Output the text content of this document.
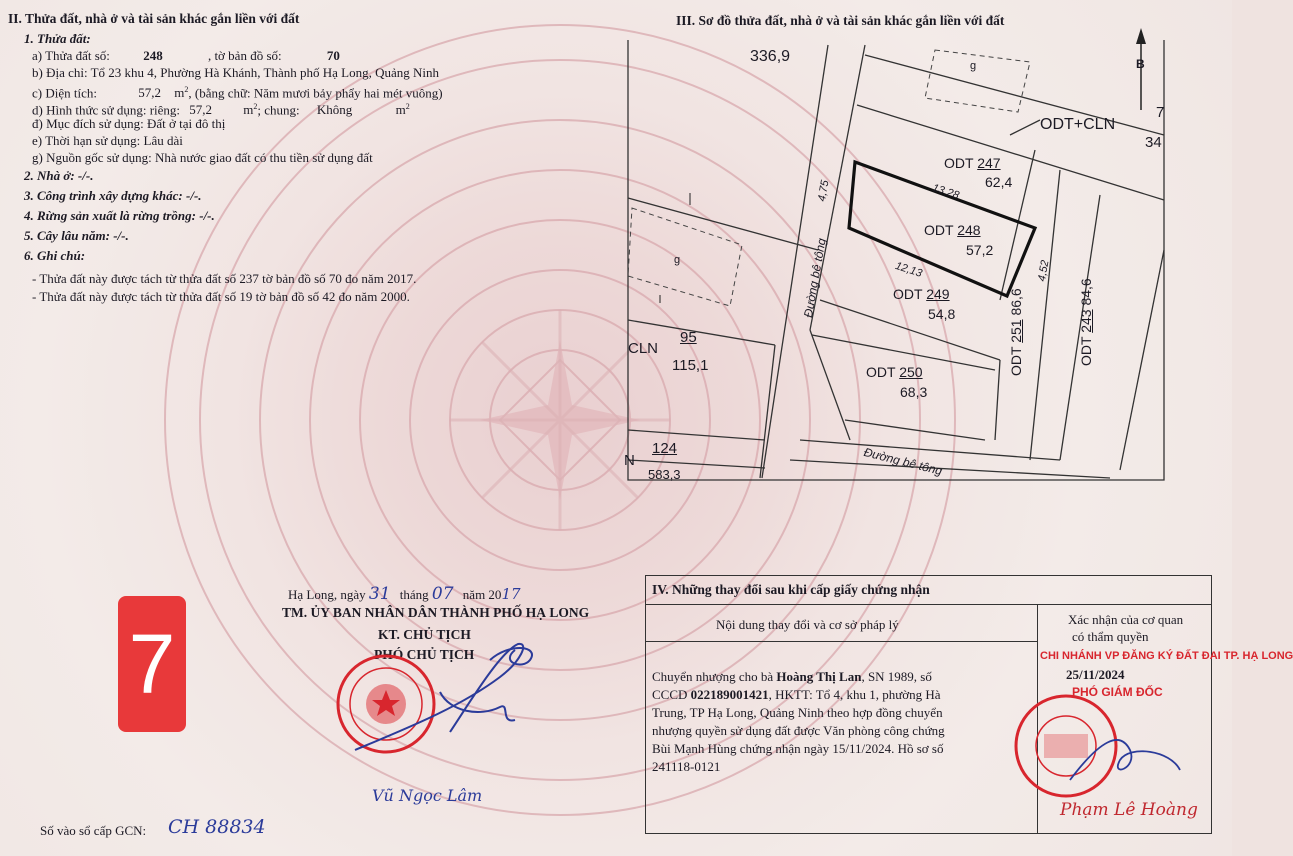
II. Thửa đất, nhà ở và tài sản khác gắn liền với đất
1. Thửa đất:
a) Thửa đất số:	248	, tờ bản đồ số:	70
b) Địa chỉ: Tổ 23 khu 4, Phường Hà Khánh, Thành phố Hạ Long, Quảng Ninh
c) Diện tích:	57,2 $m^2$, (bằng chữ: Năm mươi bảy phẩy hai mét vuông)
d) Hình thức sử dụng: riêng: 57,2 $m^2$; chung: Không	$m^2$
đ) Mục đích sử dụng: Đất ở tại đô thị
e) Thời hạn sử dụng: Lâu dài
g) Nguồn gốc sử dụng: Nhà nước giao đất có thu tiền sử dụng đất
2. Nhà ở: -/-.
3. Công trình xây dựng khác: -/-.
4. Rừng sản xuất là rừng trồng: -/-.
5. Cây lâu năm: -/-.
6. Ghi chú:
- Thửa đất này được tách từ thửa đất số 237 tờ bản đồ số 70 đo năm 2017.
- Thửa đất này được tách từ thửa đất số 19 tờ bản đồ số 42 đo năm 2000.
III. Sơ đồ thửa đất, nhà ở và tài sản khác gắn liền với đất
B
336,9
ODT+CLN
7
34
g
g
ODT 247
62,4
ODT 248
57,2
ODT 249
54,8
ODT 250
68,3
ODT 251 86,6
ODT 243 84,6
CLN
95
115,1
N
124
583,3
Đường bê tông
Đường bê tông
4,75	13,28
12,13	4,52
Hạ Long, ngày 31 tháng 07 năm 2017
TM. ỦY BAN NHÂN DÂN THÀNH PHỐ HẠ LONG
KT. CHỦ TỊCH
PHÓ CHỦ TỊCH
Vũ Ngọc Lâm
7
Số vào sổ cấp GCN: CH 88834
IV. Những thay đổi sau khi cấp giấy chứng nhận
Nội dung thay đổi và cơ sở pháp lý	Xác nhận của cơ quan
có thẩm quyền
Chuyển nhượng cho bà Hoàng Thị Lan, SN 1989, số
CCCD 022189001421, HKTT: Tổ 4, khu 1, phường Hà
Trung, TP Hạ Long, Quảng Ninh theo hợp đồng chuyển
nhượng quyền sử dụng đất được Văn phòng công chứng
Bùi Mạnh Hùng chứng nhận ngày 15/11/2024. Hồ sơ số
241118-0121
CHI NHÁNH VP ĐĂNG KÝ ĐẤT ĐAI TP. HẠ LONG
25/11/2024
PHÓ GIÁM ĐỐC
Phạm Lê Hoàng
